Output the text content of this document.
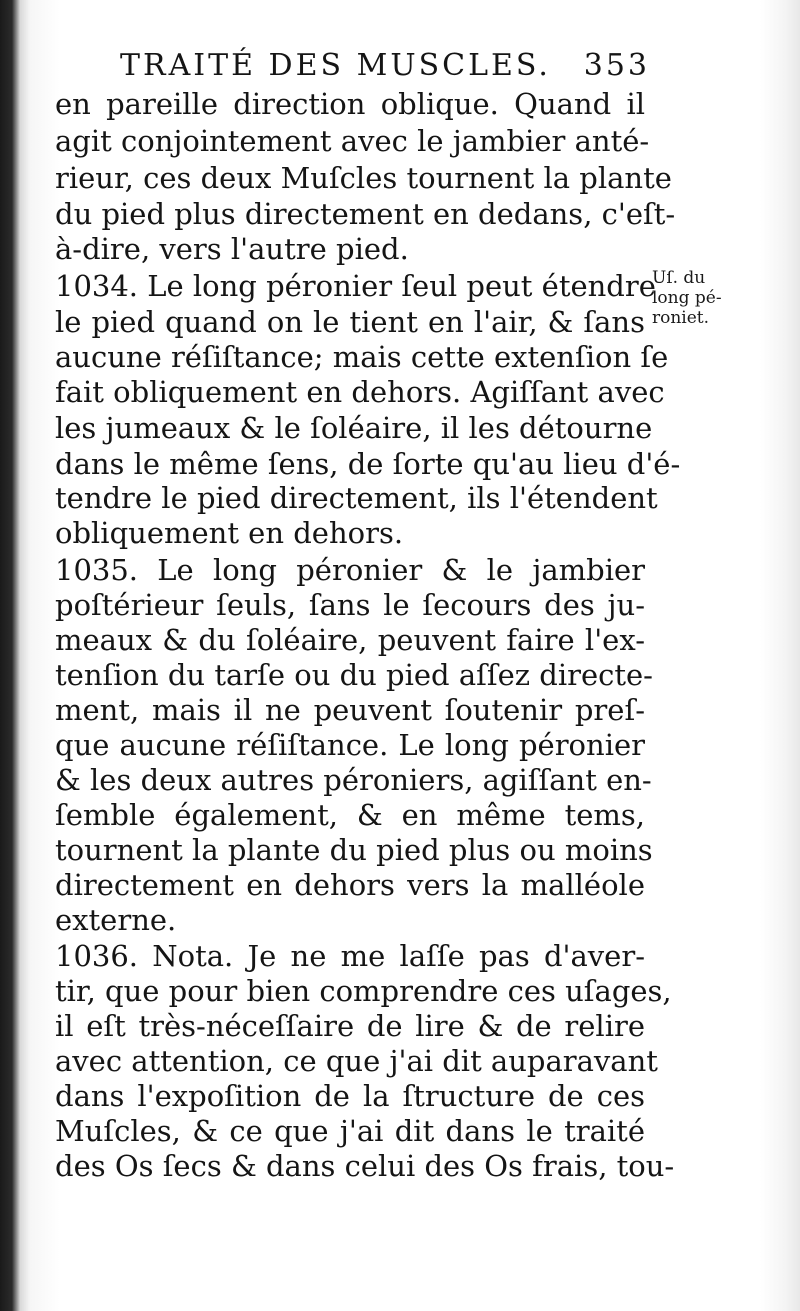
TRAITÉ DES MUSCLES. 353
Uſ. du
long pé-
roniet.
en pareille direction oblique. Quand il
agit conjointement avec le jambier anté-
rieur, ces deux Muſcles tournent la plante
du pied plus directement en dedans, c'eſt-
à-dire, vers l'autre pied.
1034. Le long péronier ſeul peut étendre
le pied quand on le tient en l'air, & ſans
aucune réſiſtance; mais cette extenſion ſe
fait obliquement en dehors. Agiſſant avec
les jumeaux & le ſoléaire, il les détourne
dans le même ſens, de ſorte qu'au lieu d'é-
tendre le pied directement, ils l'étendent
obliquement en dehors.
1035. Le long péronier & le jambier
poſtérieur ſeuls, ſans le ſecours des ju-
meaux & du ſoléaire, peuvent faire l'ex-
tenſion du tarſe ou du pied aſſez directe-
ment, mais il ne peuvent ſoutenir preſ-
que aucune réſiſtance. Le long péronier
& les deux autres péroniers, agiſſant en-
ſemble également, & en même tems,
tournent la plante du pied plus ou moins
directement en dehors vers la malléole
externe.
1036. Nota. Je ne me laſſe pas d'aver-
tir, que pour bien comprendre ces uſages,
il eſt très-néceſſaire de lire & de relire
avec attention, ce que j'ai dit auparavant
dans l'expoſition de la ſtructure de ces
Muſcles, & ce que j'ai dit dans le traité
des Os ſecs & dans celui des Os frais, tou-
